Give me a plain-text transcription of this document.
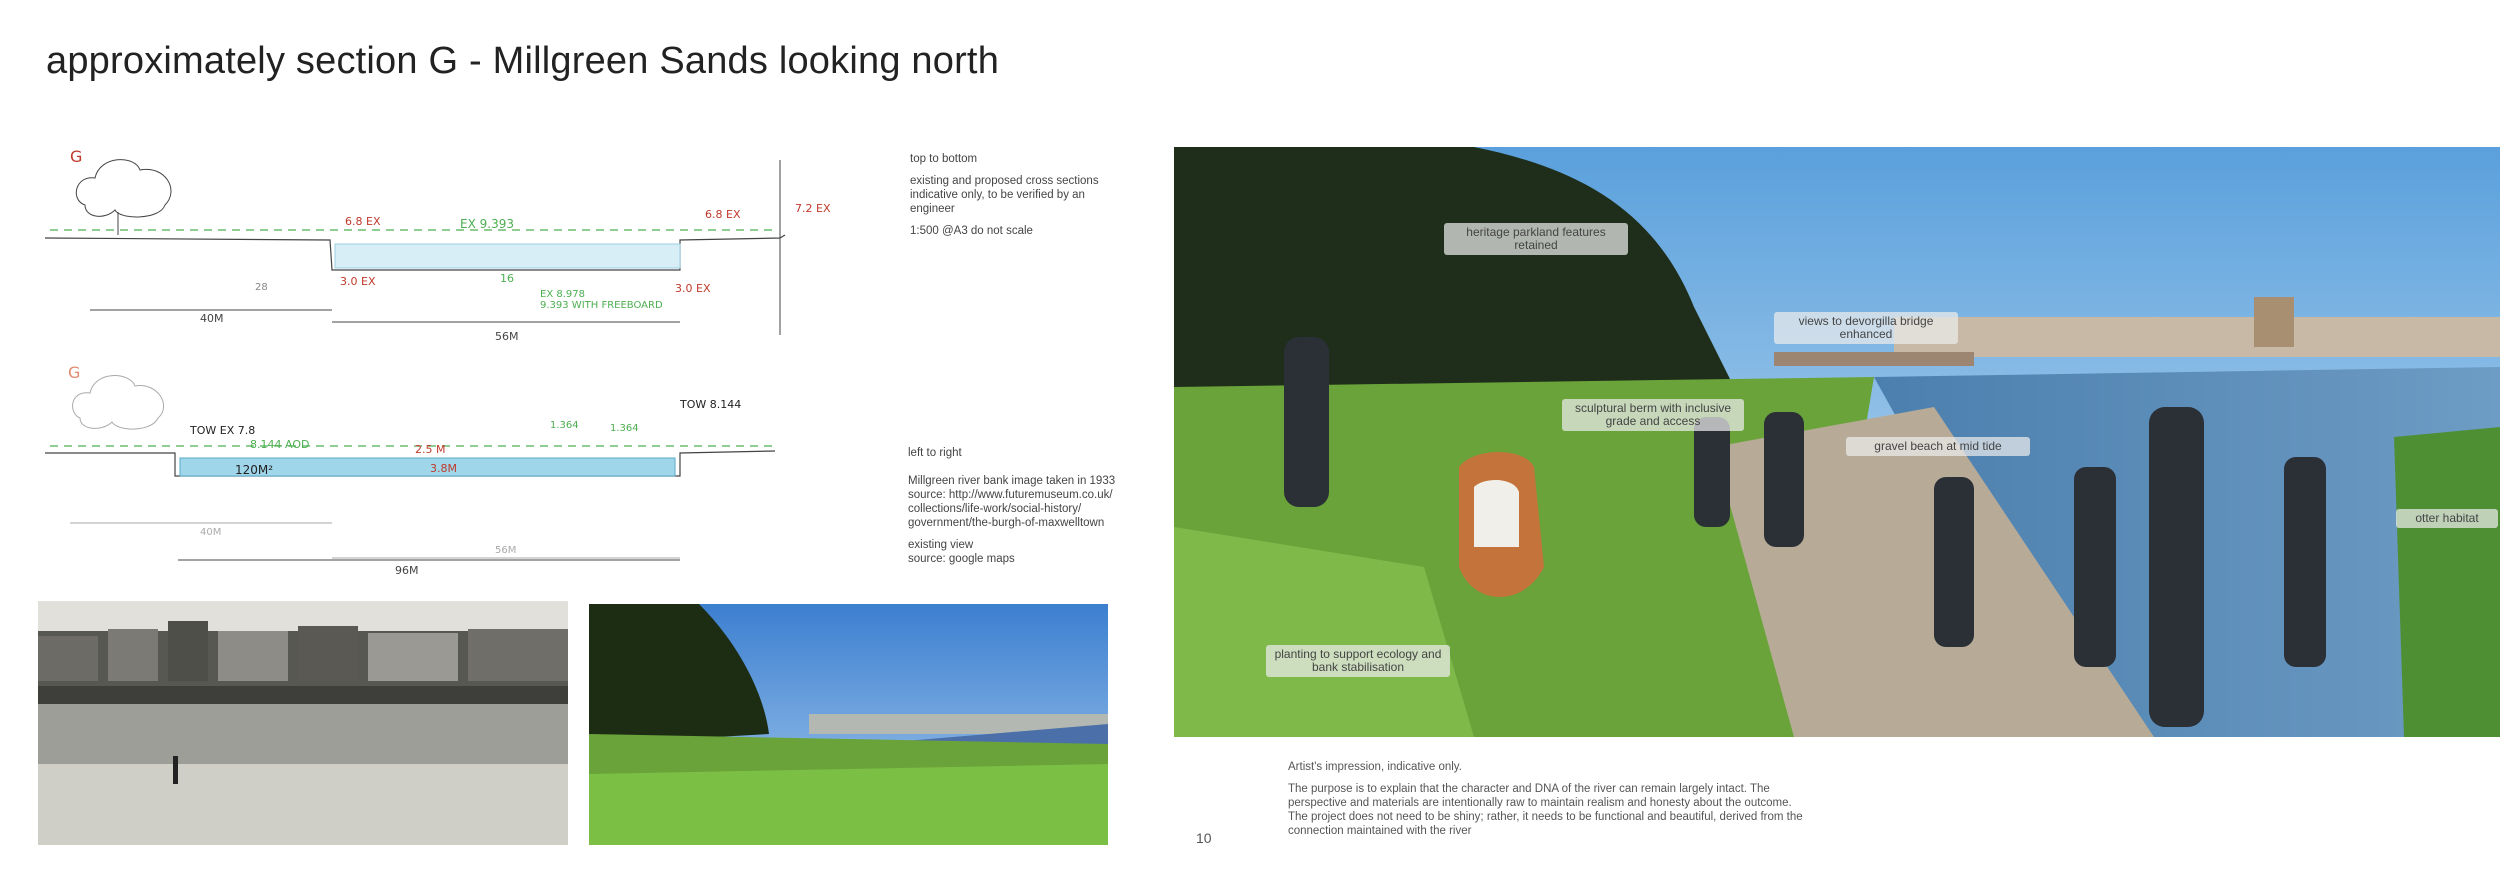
approximately section G - Millgreen Sands looking north
G
EX 9.393
6.8 EX
6.8 EX	7.2 EX
3.0 EX
3.0 EX
16
EX 8.978
9.393 WITH FREEBOARD
28
40M
56M
G
TOW EX 7.8
8.144 AOD
TOW 8.144
1.364	1.364
2.5 M
3.8M
120M²
40M
56M
96M

top to bottom

existing and proposed cross sections indicative only, to be verified by an engineer

1:500 @A3 do not scale

left to right

Millgreen river bank image taken in 1933

source: http://www.futuremuseum.co.uk/ collections/life-work/social-history/ government/the-burgh-of-maxwelltown

existing view

source: google maps

heritage parkland features retained
views to devorgilla bridge enhanced
sculptural berm with inclusive grade and access
gravel beach at mid tide
planting to support ecology and bank stabilisation
otter habitat
10

Artist's impression, indicative only.

The purpose is to explain that the character and DNA of the river can remain largely intact. The perspective and materials are intentionally raw to maintain realism and honesty about the outcome. The project does not need to be shiny; rather, it needs to be functional and beautiful, derived from the connection maintained with the river
